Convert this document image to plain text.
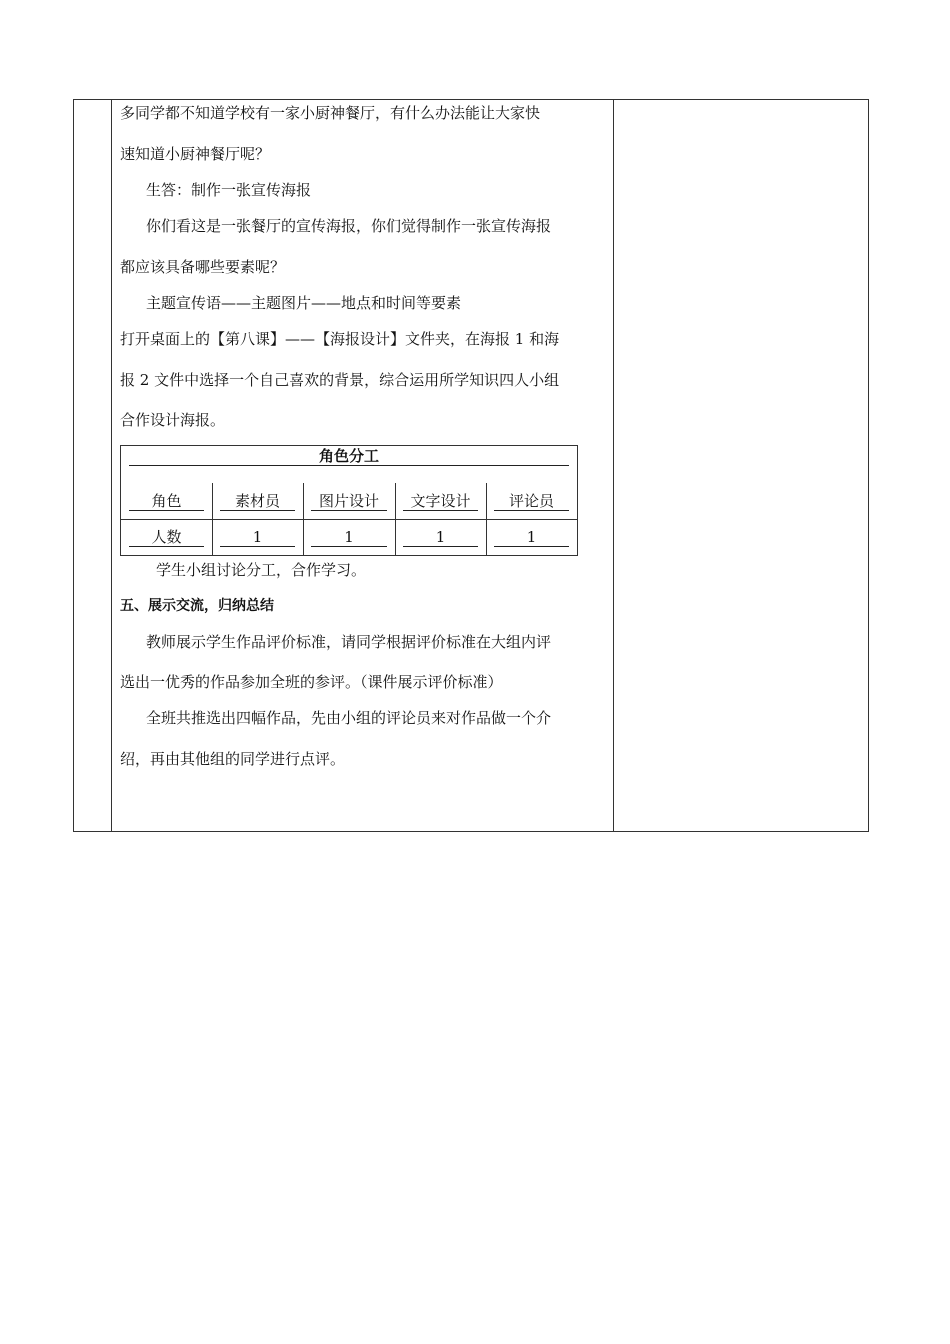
多同学都不知道学校有一家小厨神餐厅，有什么办法能让大家快
速知道小厨神餐厅呢？
生答：制作一张宣传海报
你们看这是一张餐厅的宣传海报，你们觉得制作一张宣传海报
都应该具备哪些要素呢？
主题宣传语——主题图片——地点和时间等要素
打开桌面上的【第八课】——【海报设计】文件夹，在海报 1 和海
报 2 文件中选择一个自己喜欢的背景，综合运用所学知识四人小组
合作设计海报。
学生小组讨论分工，合作学习。
五、展示交流，归纳总结
教师展示学生作品评价标准，请同学根据评价标准在大组内评
选出一优秀的作品参加全班的参评。（课件展示评价标准）
全班共推选出四幅作品，先由小组的评论员来对作品做一个介
绍，再由其他组的同学进行点评。
角色分工
角色	素材员	图片设计	文字设计	评论员
人数	1	1	1	1
